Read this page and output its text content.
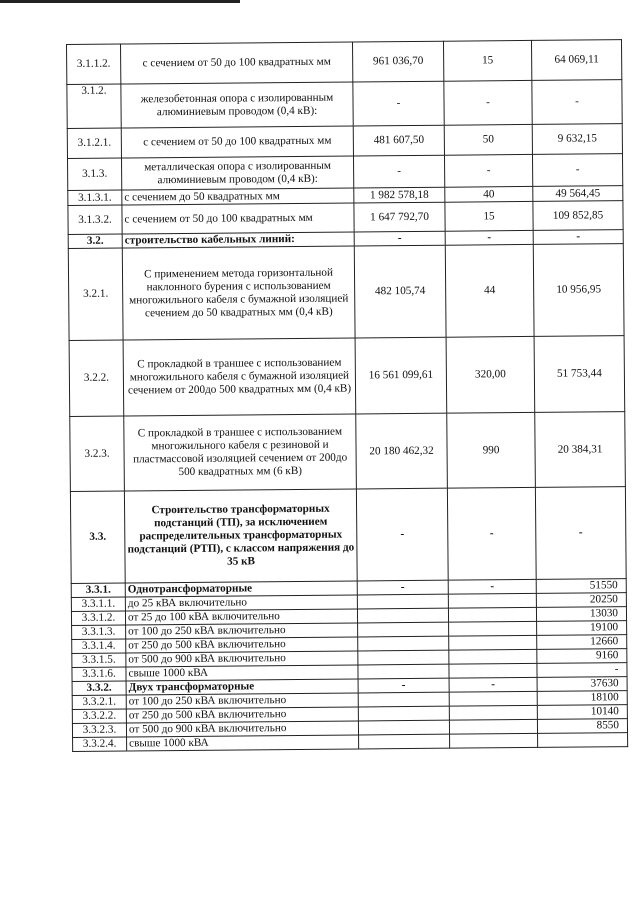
3.1.1.2.	с сечением от 50 до 100 квадратных мм	961 036,70	15	64 069,11
3.1.2.	железобетонная опора с изолированным алюминиевым проводом (0,4 кВ):	-	-	-
3.1.2.1.	с сечением от 50 до 100 квадратных мм	481 607,50	50	9 632,15
3.1.3.	металлическая опора с изолированным алюминиевым проводом (0,4 кВ):	-	-	-
3.1.3.1.	с сечением до 50 квадратных мм	1 982 578,18	40	49 564,45
3.1.3.2.	с сечением от 50 до 100 квадратных мм	1 647 792,70	15	109 852,85
3.2.	строительство кабельных линий:	-	-	-
3.2.1.	С применением метода горизонтальной наклонного бурения с использованием многожильного кабеля с бумажной изоляцией сечением до 50 квадратных мм (0,4 кВ)	482 105,74	44	10 956,95
3.2.2.	С прокладкой в траншее с использованием многожильного кабеля с бумажной изоляцией сечением от 200до 500 квадратных мм (0,4 кВ)	16 561 099,61	320,00	51 753,44
3.2.3.	С прокладкой в траншее с использованием многожильного кабеля с резиновой и пластмассовой изоляцией сечением от 200до 500 квадратных мм (6 кВ)	20 180 462,32	990	20 384,31
3.3.	Строительство трансформаторных подстанций (ТП), за исключением распределительных трансформаторных подстанций (РТП), с классом напряжения до 35 кВ	-	-	-
3.3.1.	Однотрансформаторные	-	-	51550
3.3.1.1.	до 25 кВА включительно			20250
3.3.1.2.	от 25 до 100 кВА включительно			13030
3.3.1.3.	от 100 до 250 кВА включительно			19100
3.3.1.4.	от 250 до 500 кВА включительно			12660
3.3.1.5.	от 500 до 900 кВА включительно			9160
3.3.1.6.	свыше 1000 кВА			-
3.3.2.	Двух трансформаторные	-	-	37630
3.3.2.1.	от 100 до 250 кВА включительно			18100
3.3.2.2.	от 250 до 500 кВА включительно			10140
3.3.2.3.	от 500 до 900 кВА включительно			8550
3.3.2.4.	свыше 1000 кВА			
